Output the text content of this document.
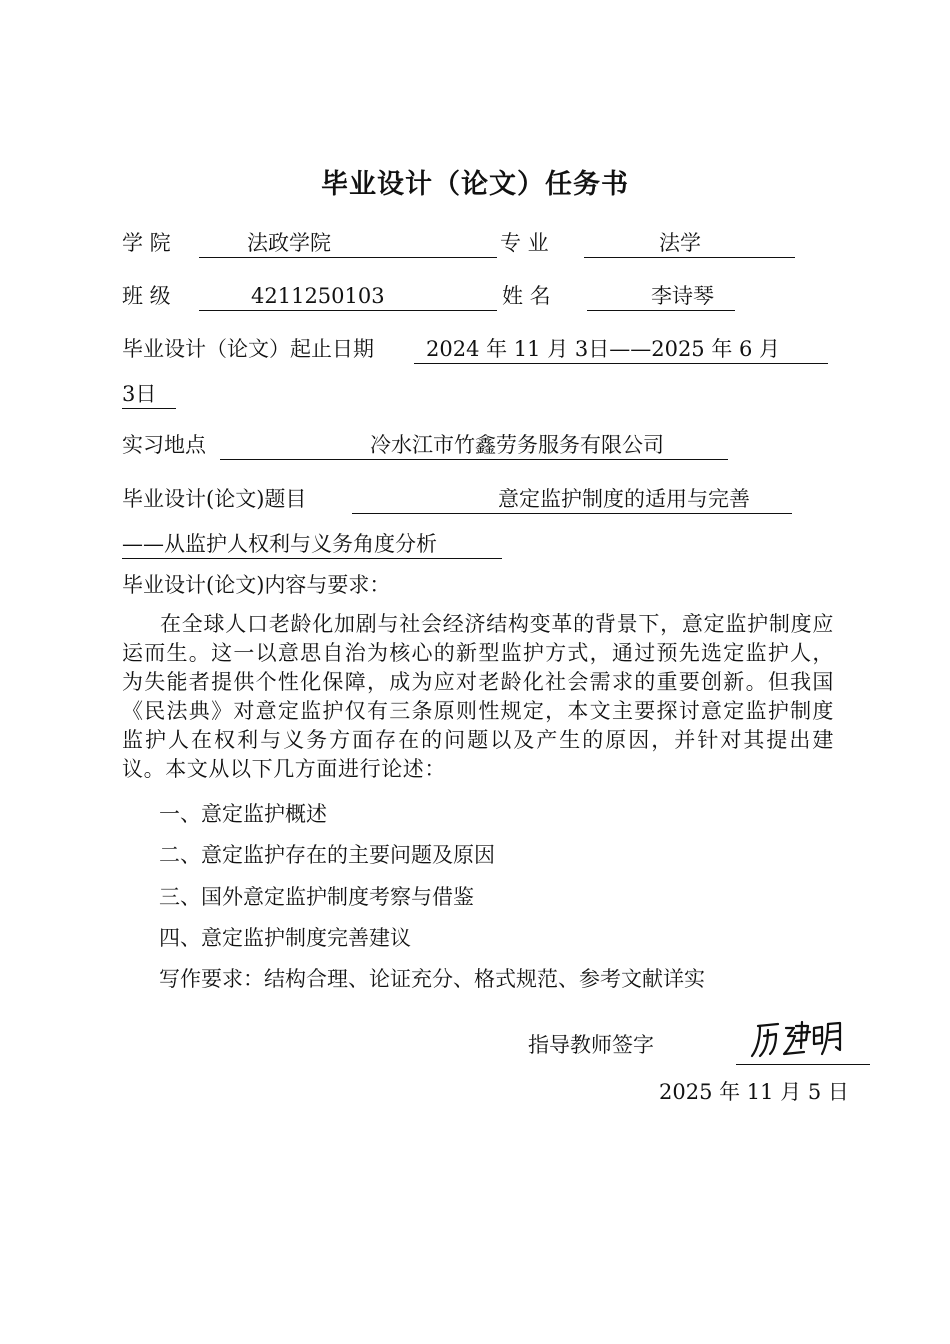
毕业设计（论文）任务书
学 院	法政学院	专 业	法学
班 级	4211250103	姓 名	李诗琴
毕业设计（论文）起止日期	2024 年 11 月 3日——2025 年 6 月
3日
实习地点	冷水江市竹鑫劳务服务有限公司
毕业设计(论文)题目	意定监护制度的适用与完善
——从监护人权利与义务角度分析
毕业设计(论文)内容与要求：
在全球人口老龄化加剧与社会经济结构变革的背景下，意定监护制度应运而生。这一以意思自治为核心的新型监护方式，通过预先选定监护人，为失能者提供个性化保障，成为应对老龄化社会需求的重要创新。但我国《民法典》对意定监护仅有三条原则性规定，本文主要探讨意定监护制度监护人在权利与义务方面存在的问题以及产生的原因，并针对其提出建议。本文从以下几方面进行论述：
一、意定监护概述
二、意定监护存在的主要问题及原因
三、国外意定监护制度考察与借鉴
四、意定监护制度完善建议
写作要求：结构合理、论证充分、格式规范、参考文献详实
指导教师签字
2025 年 11 月 5 日
